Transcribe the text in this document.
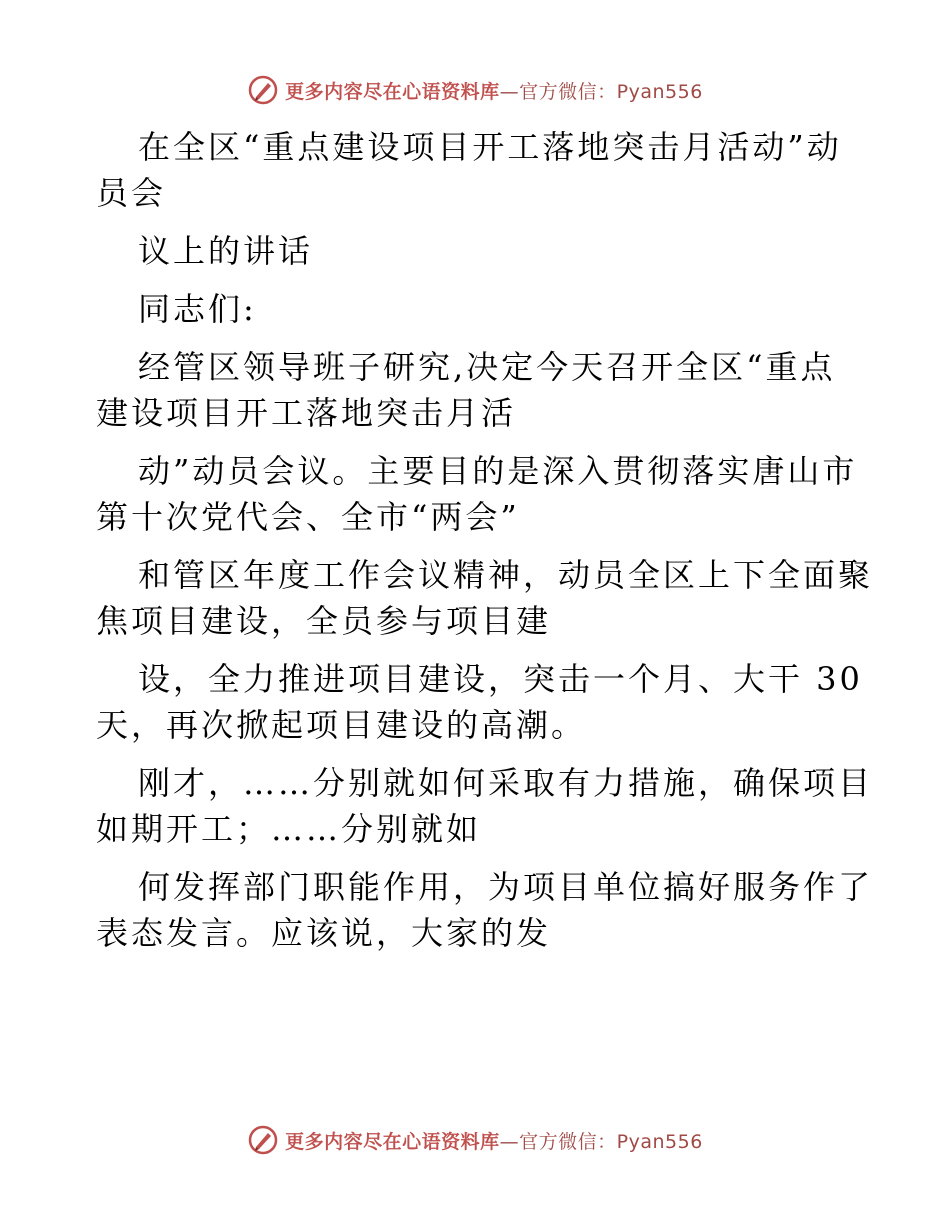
更多内容尽在心语资料库—官方微信：Pyan556
在全区“重点建设项目开工落地突击月活动”动
员会
议上的讲话
同志们:
经管区领导班子研究,决定今天召开全区“重点
建设项目开工落地突击月活
动”动员会议。主要目的是深入贯彻落实唐山市
第十次党代会、全市“两会”
和管区年度工作会议精神，动员全区上下全面聚
焦项目建设，全员参与项目建
设，全力推进项目建设，突击一个月、大干 30
天，再次掀起项目建设的高潮。
刚才，……分别就如何采取有力措施，确保项目
如期开工；……分别就如
何发挥部门职能作用，为项目单位搞好服务作了
表态发言。应该说，大家的发
更多内容尽在心语资料库—官方微信：Pyan556
